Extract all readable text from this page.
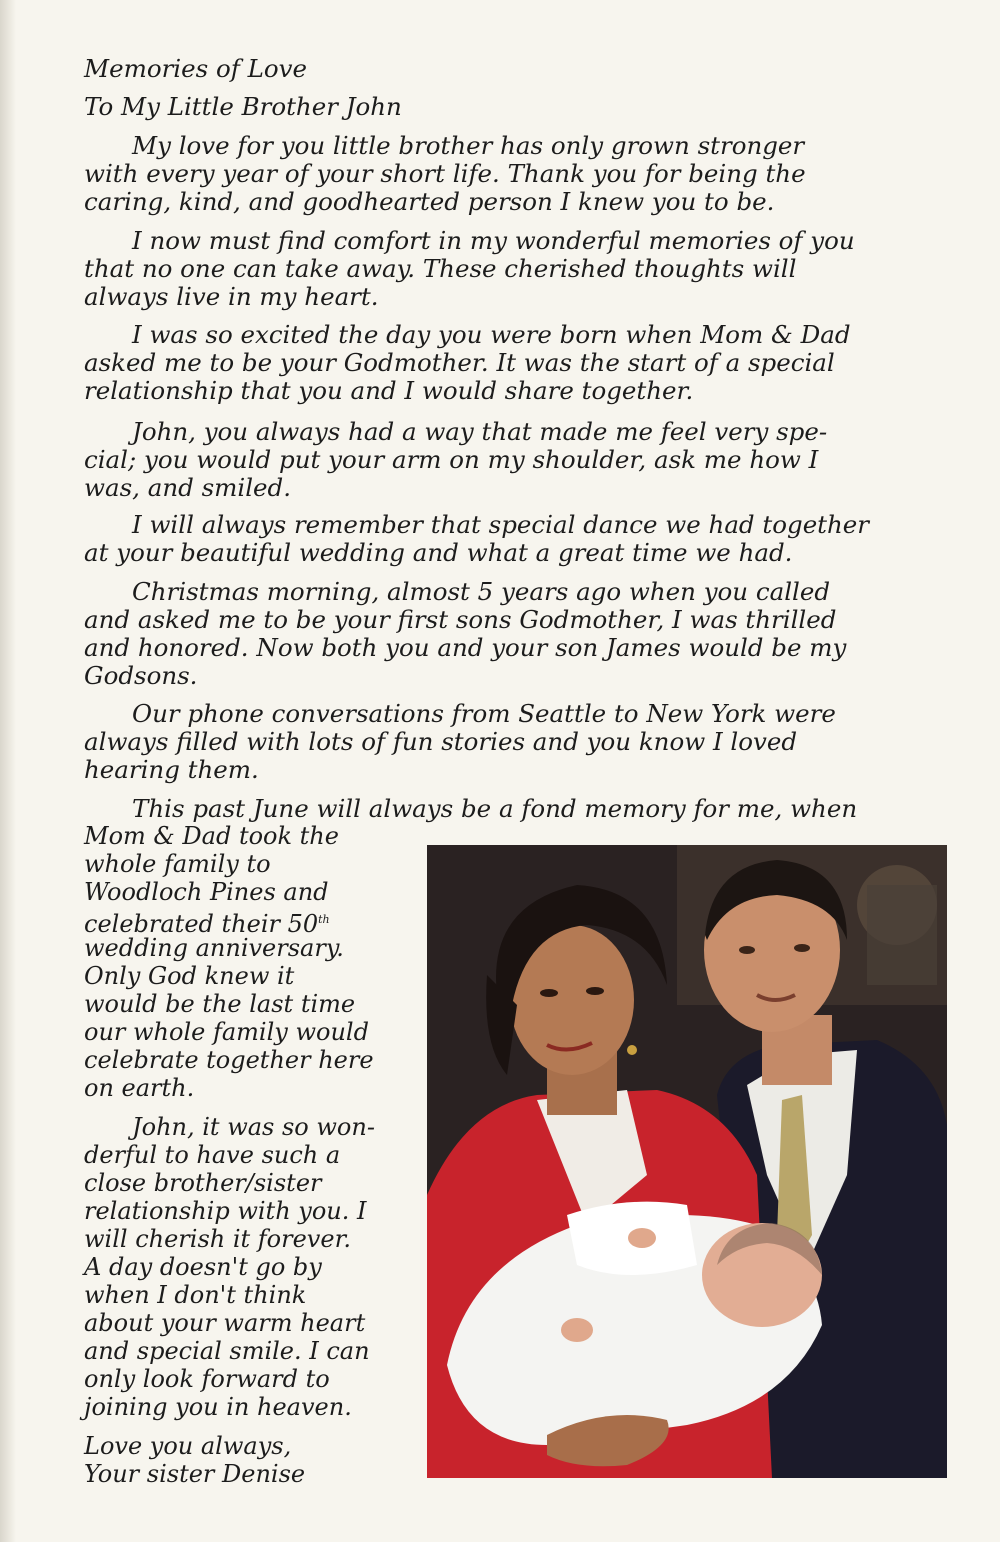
Memories of Love

To My Little Brother John

My love for you little brother has only grown stronger

with every year of your short life. Thank you for being the

caring, kind, and goodhearted person I knew you to be.

I now must find comfort in my wonderful memories of you

that no one can take away. These cherished thoughts will

always live in my heart.

I was so excited the day you were born when Mom & Dad

asked me to be your Godmother. It was the start of a special

relationship that you and I would share together.

John, you always had a way that made me feel very spe-

cial; you would put your arm on my shoulder, ask me how I

was, and smiled.

I will always remember that special dance we had together

at your beautiful wedding and what a great time we had.

Christmas morning, almost 5 years ago when you called

and asked me to be your first sons Godmother, I was thrilled

and honored. Now both you and your son James would be my

Godsons.

Our phone conversations from Seattle to New York were

always filled with lots of fun stories and you know I loved

hearing them.

This past June will always be a fond memory for me, when

Mom & Dad took the

whole family to

Woodloch Pines and

celebrated their 50th

wedding anniversary.

Only God knew it

would be the last time

our whole family would

celebrate together here

on earth.

John, it was so won-

derful to have such a

close brother/sister

relationship with you. I

will cherish it forever.

A day doesn't go by

when I don't think

about your warm heart

and special smile. I can

only look forward to

joining you in heaven.

Love you always,

Your sister Denise
